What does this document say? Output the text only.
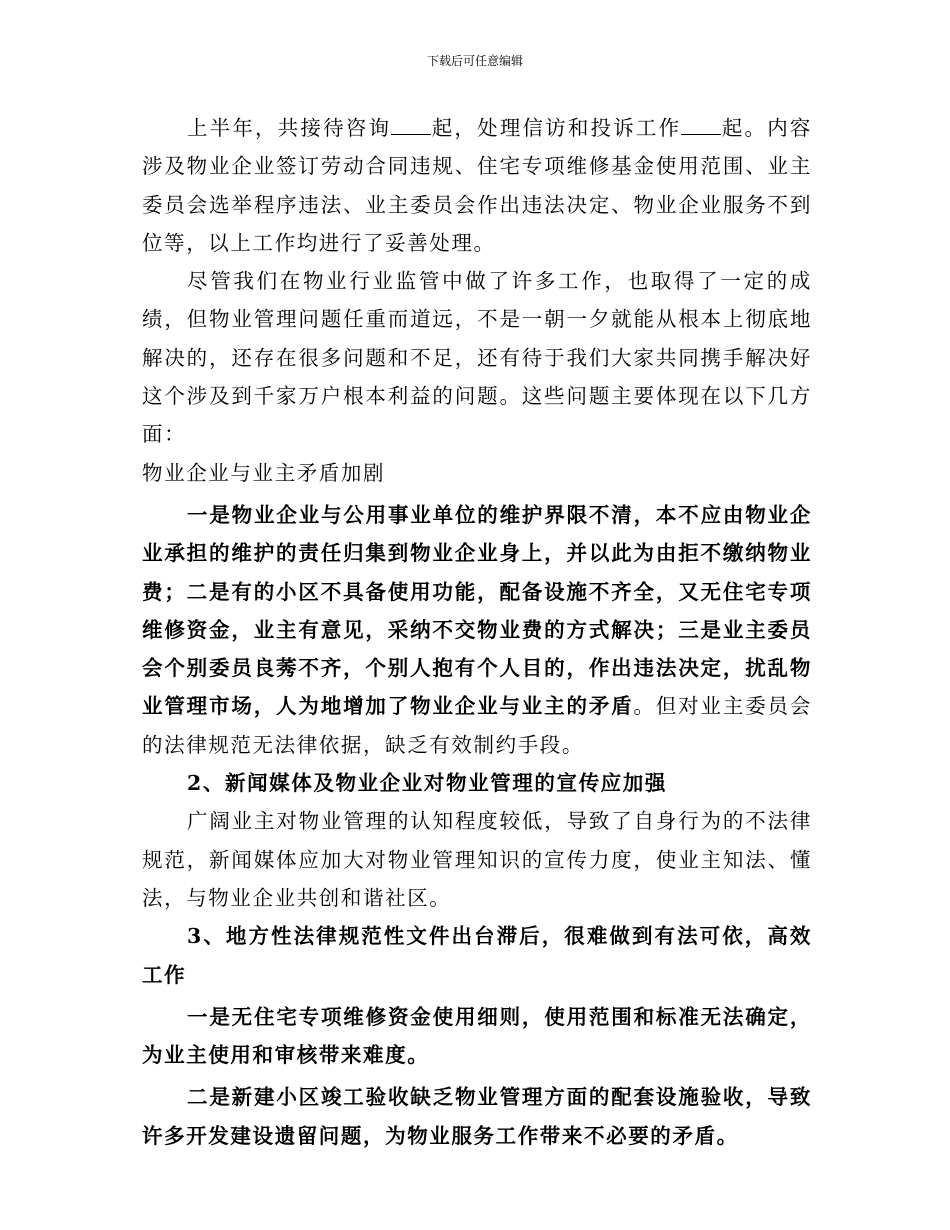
下载后可任意编辑

上半年，共接待咨询 起，处理信访和投诉工作 起。内容涉及物业企业签订劳动合同违规、住宅专项维修基金使用范围、业主委员会选举程序违法、业主委员会作出违法决定、物业企业服务不到位等，以上工作均进行了妥善处理。

尽管我们在物业行业监管中做了许多工作，也取得了一定的成绩，但物业管理问题任重而道远，不是一朝一夕就能从根本上彻底地解决的，还存在很多问题和不足，还有待于我们大家共同携手解决好这个涉及到千家万户根本利益的问题。这些问题主要体现在以下几方面：

物业企业与业主矛盾加剧

一是物业企业与公用事业单位的维护界限不清，本不应由物业企业承担的维护的责任归集到物业企业身上，并以此为由拒不缴纳物业费；二是有的小区不具备使用功能，配备设施不齐全，又无住宅专项维修资金，业主有意见，采纳不交物业费的方式解决；三是业主委员会个别委员良莠不齐，个别人抱有个人目的，作出违法决定，扰乱物业管理市场，人为地增加了物业企业与业主的矛盾。但对业主委员会的法律规范无法律依据，缺乏有效制约手段。

2、新闻媒体及物业企业对物业管理的宣传应加强

广阔业主对物业管理的认知程度较低，导致了自身行为的不法律规范，新闻媒体应加大对物业管理知识的宣传力度，使业主知法、懂法，与物业企业共创和谐社区。

3、地方性法律规范性文件出台滞后，很难做到有法可依，高效工作

一是无住宅专项维修资金使用细则，使用范围和标准无法确定，为业主使用和审核带来难度。

二是新建小区竣工验收缺乏物业管理方面的配套设施验收，导致许多开发建设遗留问题，为物业服务工作带来不必要的矛盾。
